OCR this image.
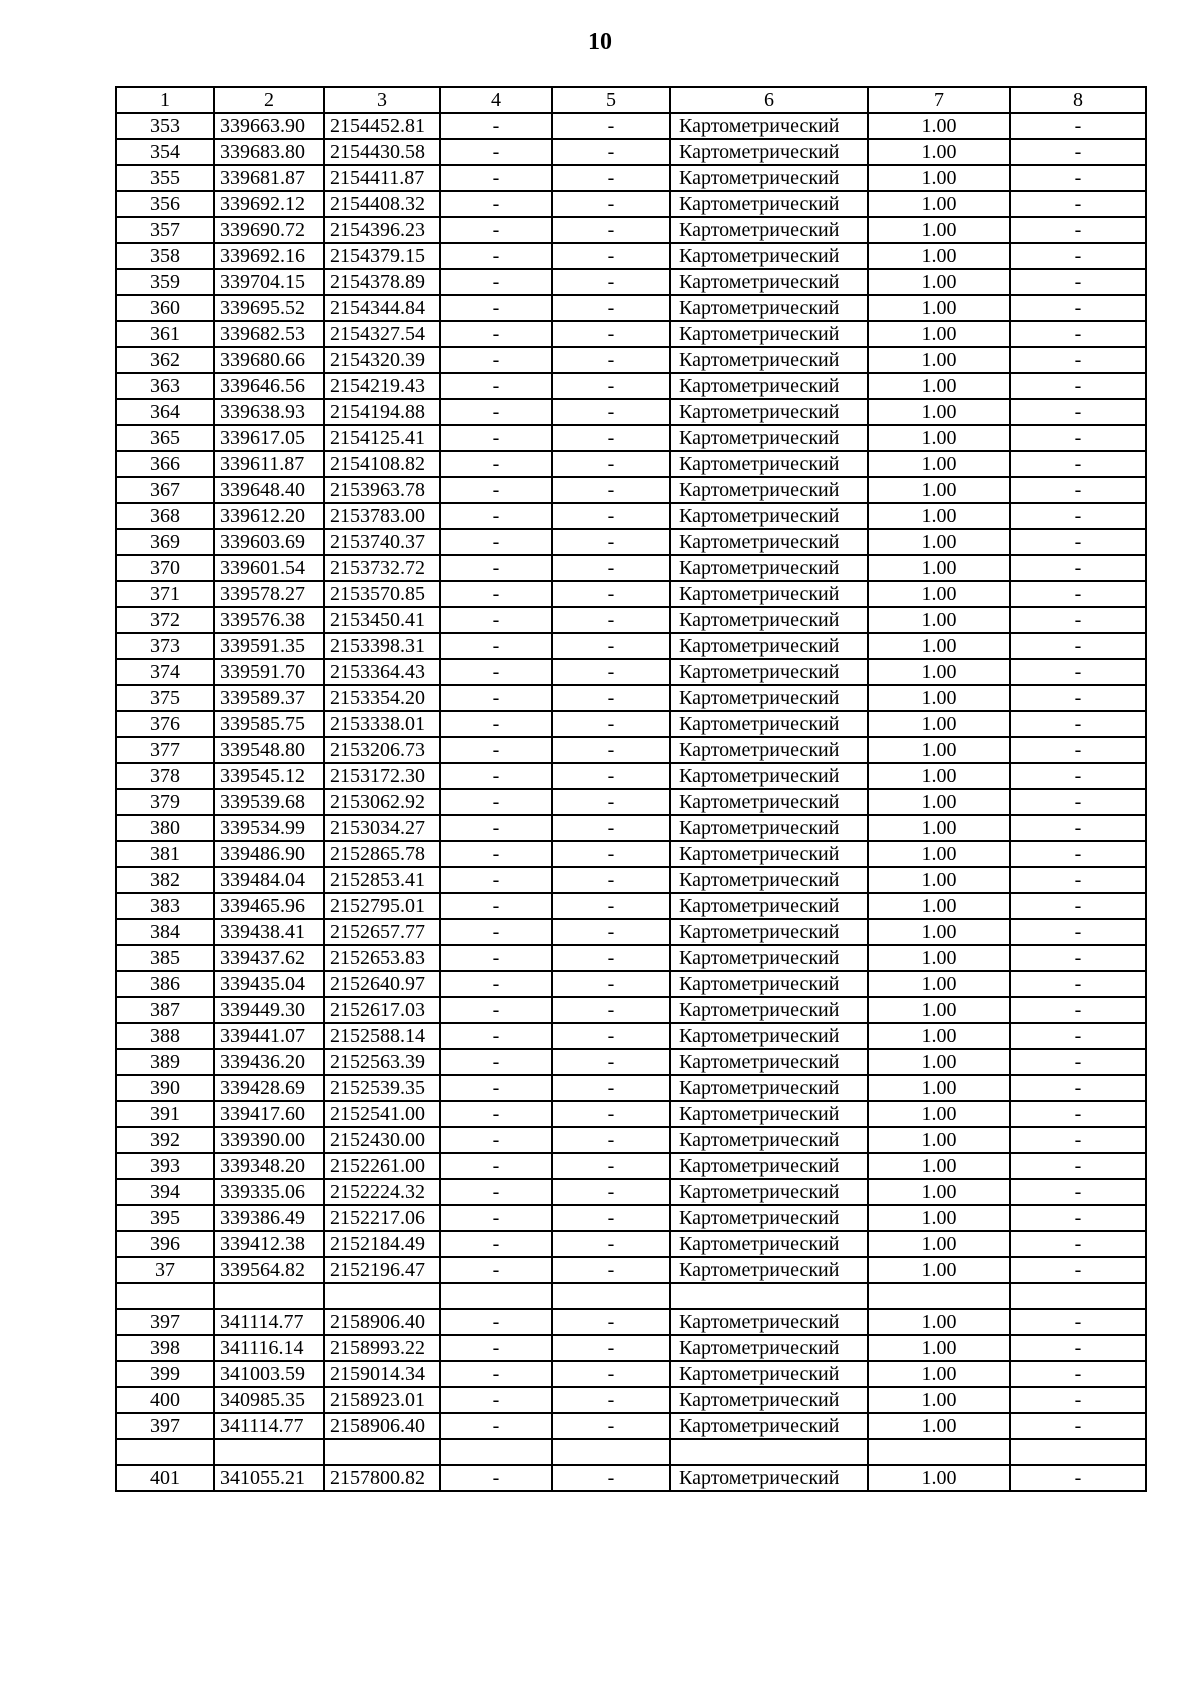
10
1	2	3	4	5	6	7	8
353	339663.90	2154452.81	-	-	Картометрический	1.00	-
354	339683.80	2154430.58	-	-	Картометрический	1.00	-
355	339681.87	2154411.87	-	-	Картометрический	1.00	-
356	339692.12	2154408.32	-	-	Картометрический	1.00	-
357	339690.72	2154396.23	-	-	Картометрический	1.00	-
358	339692.16	2154379.15	-	-	Картометрический	1.00	-
359	339704.15	2154378.89	-	-	Картометрический	1.00	-
360	339695.52	2154344.84	-	-	Картометрический	1.00	-
361	339682.53	2154327.54	-	-	Картометрический	1.00	-
362	339680.66	2154320.39	-	-	Картометрический	1.00	-
363	339646.56	2154219.43	-	-	Картометрический	1.00	-
364	339638.93	2154194.88	-	-	Картометрический	1.00	-
365	339617.05	2154125.41	-	-	Картометрический	1.00	-
366	339611.87	2154108.82	-	-	Картометрический	1.00	-
367	339648.40	2153963.78	-	-	Картометрический	1.00	-
368	339612.20	2153783.00	-	-	Картометрический	1.00	-
369	339603.69	2153740.37	-	-	Картометрический	1.00	-
370	339601.54	2153732.72	-	-	Картометрический	1.00	-
371	339578.27	2153570.85	-	-	Картометрический	1.00	-
372	339576.38	2153450.41	-	-	Картометрический	1.00	-
373	339591.35	2153398.31	-	-	Картометрический	1.00	-
374	339591.70	2153364.43	-	-	Картометрический	1.00	-
375	339589.37	2153354.20	-	-	Картометрический	1.00	-
376	339585.75	2153338.01	-	-	Картометрический	1.00	-
377	339548.80	2153206.73	-	-	Картометрический	1.00	-
378	339545.12	2153172.30	-	-	Картометрический	1.00	-
379	339539.68	2153062.92	-	-	Картометрический	1.00	-
380	339534.99	2153034.27	-	-	Картометрический	1.00	-
381	339486.90	2152865.78	-	-	Картометрический	1.00	-
382	339484.04	2152853.41	-	-	Картометрический	1.00	-
383	339465.96	2152795.01	-	-	Картометрический	1.00	-
384	339438.41	2152657.77	-	-	Картометрический	1.00	-
385	339437.62	2152653.83	-	-	Картометрический	1.00	-
386	339435.04	2152640.97	-	-	Картометрический	1.00	-
387	339449.30	2152617.03	-	-	Картометрический	1.00	-
388	339441.07	2152588.14	-	-	Картометрический	1.00	-
389	339436.20	2152563.39	-	-	Картометрический	1.00	-
390	339428.69	2152539.35	-	-	Картометрический	1.00	-
391	339417.60	2152541.00	-	-	Картометрический	1.00	-
392	339390.00	2152430.00	-	-	Картометрический	1.00	-
393	339348.20	2152261.00	-	-	Картометрический	1.00	-
394	339335.06	2152224.32	-	-	Картометрический	1.00	-
395	339386.49	2152217.06	-	-	Картометрический	1.00	-
396	339412.38	2152184.49	-	-	Картометрический	1.00	-
37	339564.82	2152196.47	-	-	Картометрический	1.00	-

397	341114.77	2158906.40	-	-	Картометрический	1.00	-
398	341116.14	2158993.22	-	-	Картометрический	1.00	-
399	341003.59	2159014.34	-	-	Картометрический	1.00	-
400	340985.35	2158923.01	-	-	Картометрический	1.00	-
397	341114.77	2158906.40	-	-	Картометрический	1.00	-

401	341055.21	2157800.82	-	-	Картометрический	1.00	-
